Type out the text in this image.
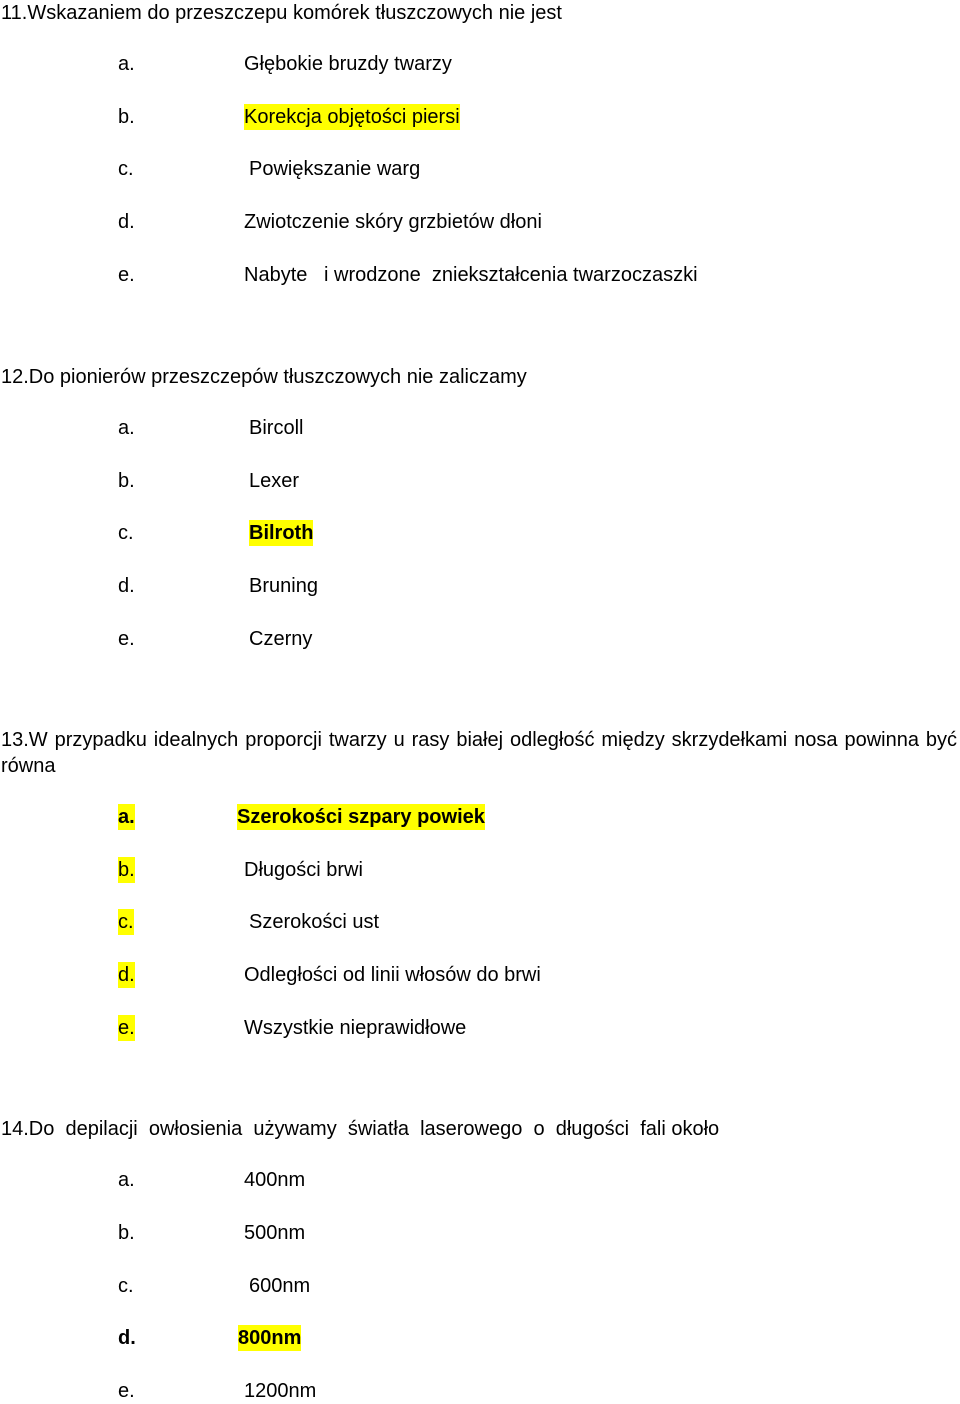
11.Wskazaniem do przeszczepu komórek tłuszczowych nie jest

a.	Głębokie bruzdy twarzy
b.	Korekcja objętości piersi
c.	Powiększanie warg
d.	Zwiotczenie skóry grzbietów dłoni
e.	Nabyte   i wrodzone  zniekształcenia twarzoczaszki

12.Do pionierów przeszczepów tłuszczowych nie zaliczamy

a.	Bircoll
b.	Lexer
c.	Bilroth
d.	Bruning
e.	Czerny

13.W przypadku idealnych proporcji twarzy u rasy białej odległość między skrzydełkami nosa powinna być równa

a.	Szerokości szpary powiek
b.	Długości brwi
c.	Szerokości ust
d.	Odległości od linii włosów do brwi
e.	Wszystkie nieprawidłowe

14.Do  depilacji  owłosienia  używamy  światła  laserowego  o  długości  fali około

a.	400nm
b.	500nm
c.	600nm
d.	800nm
e.	1200nm
